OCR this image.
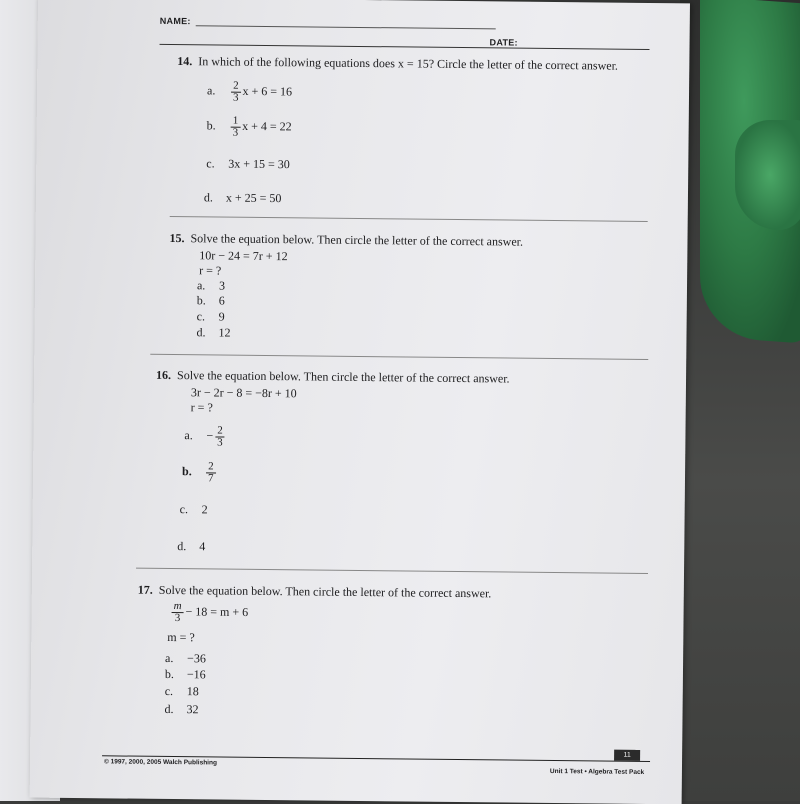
NAME:
DATE:
14. In which of the following equations does x = 15? Circle the letter of the correct answer.
a. $\frac{2}{3}$ x + 6 = 16
b. $\frac{1}{3}$ x + 4 = 22
c. 3x + 15 = 30
d. x + 25 = 50
15. Solve the equation below. Then circle the letter of the correct answer.
10r − 24 = 7r + 12
r = ?
a. 3
b. 6
c. 9
d. 12
16. Solve the equation below. Then circle the letter of the correct answer.
3r − 2r − 8 = −8r + 10
r = ?
a. − $\frac{2}{3}$
b. $\frac{2}{7}$
c. 2
d. 4
17. Solve the equation below. Then circle the letter of the correct answer.
$\frac{m}{3} - 18 = m + 6$
m = ?
a. −36
b. −16
c. 18
d. 32
© 1997, 2000, 2005 Walch Publishing
11
Unit 1 Test • Algebra Test Pack
